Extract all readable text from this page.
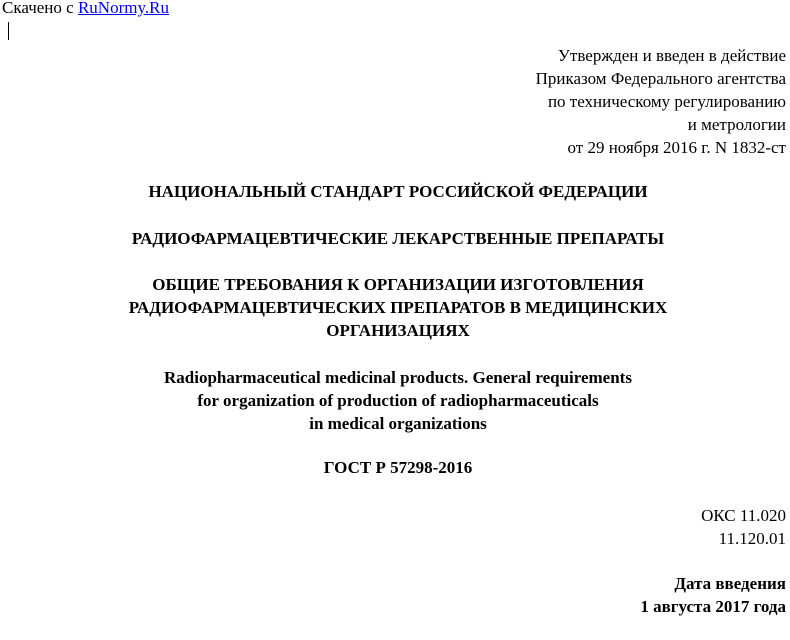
Скачено с RuNormy.Ru
Утвержден и введен в действие
Приказом Федерального агентства
по техническому регулированию
и метрологии
от 29 ноября 2016 г. N 1832-ст
НАЦИОНАЛЬНЫЙ СТАНДАРТ РОССИЙСКОЙ ФЕДЕРАЦИИ
РАДИОФАРМАЦЕВТИЧЕСКИЕ ЛЕКАРСТВЕННЫЕ ПРЕПАРАТЫ
ОБЩИЕ ТРЕБОВАНИЯ К ОРГАНИЗАЦИИ ИЗГОТОВЛЕНИЯ
РАДИОФАРМАЦЕВТИЧЕСКИХ ПРЕПАРАТОВ В МЕДИЦИНСКИХ
ОРГАНИЗАЦИЯХ
Radiopharmaceutical medicinal products. General requirements
for organization of production of radiopharmaceuticals
in medical organizations
ГОСТ Р 57298-2016
ОКС 11.020
11.120.01
Дата введения
1 августа 2017 года
